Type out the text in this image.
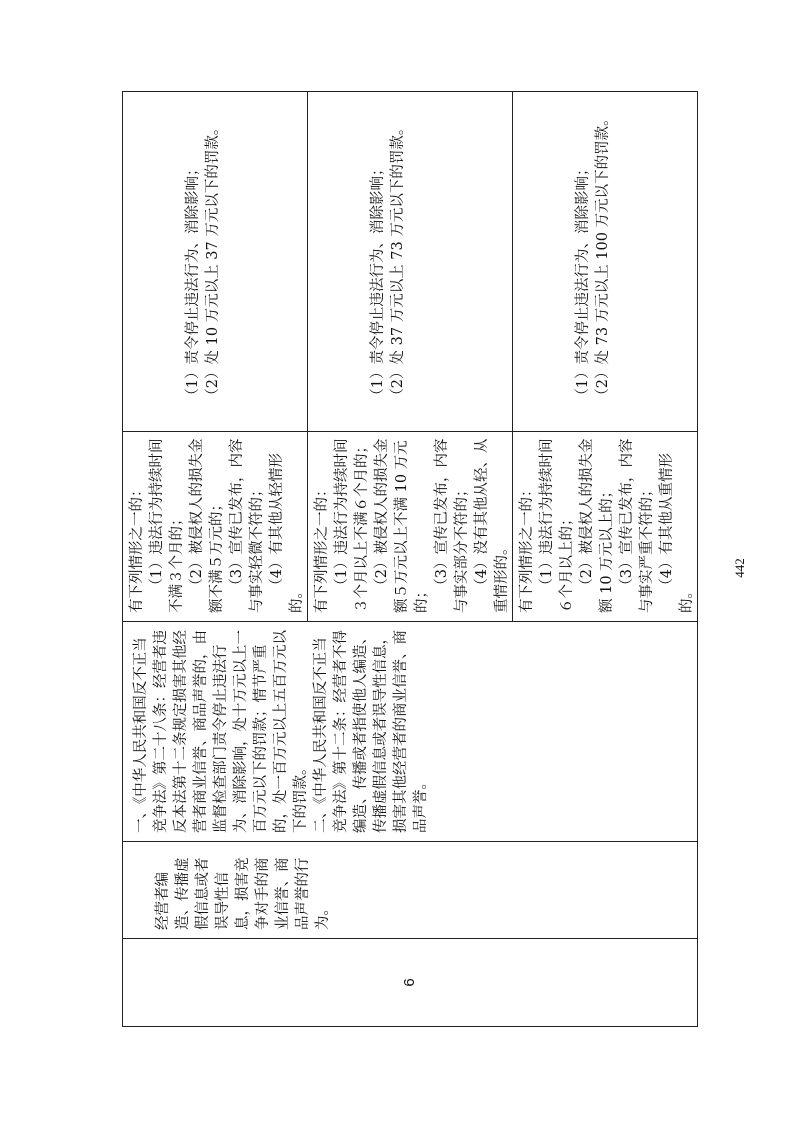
6	经营者编造、传播虚假信息或者误导性信息，损害竞争对手的商业信誉、商品声誉的行为。	一、《中华人民共和国反不正当竞争法》第二十八条：经营者违反本法第十二条规定损害其他经营者商业信誉、商品声誉的，由监督检查部门责令停止违法行为、消除影响，处十万元以上一百万元以下的罚款；情节严重的，处一百万元以上五百万元以下的罚款。 二、《中华人民共和国反不正当竞争法》第十二条：经营者不得编造、传播或者指使他人编造、传播虚假信息或者误导性信息，损害其他经营者的商业信誉、商品声誉。	有下列情形之一的： （1）违法行为持续时间不满３个月的； （2）被侵权人的损失金额不满５万元的； （3）宣传已发布，内容与事实轻微不符的； （4）有其他从轻情形的。	（1）责令停止违法行为、消除影响； （2）处 10 万元以上 37 万元以下的罚款。

			有下列情形之一的： （1）违法行为持续时间３个月以上不满６个月的； （2）被侵权人的损失金额５万元以上不满 10 万元的；
（3）宣传已发布，内容与事实部分不符的； （4）没有其他从轻、从重情形的。	（1）责令停止违法行为、消除影响； （2）处 37 万元以上 73 万元以下的罚款。

			有下列情形之一的： （1）违法行为持续时间６个月以上的； （2）被侵权人的损失金额 10 万元以上的； （3）宣传已发布，内容与事实严重不符的； （4）有其他从重情形的。	（1）责令停止违法行为、消除影响； （2）处 73 万元以上 100 万元以下的罚款。
442
